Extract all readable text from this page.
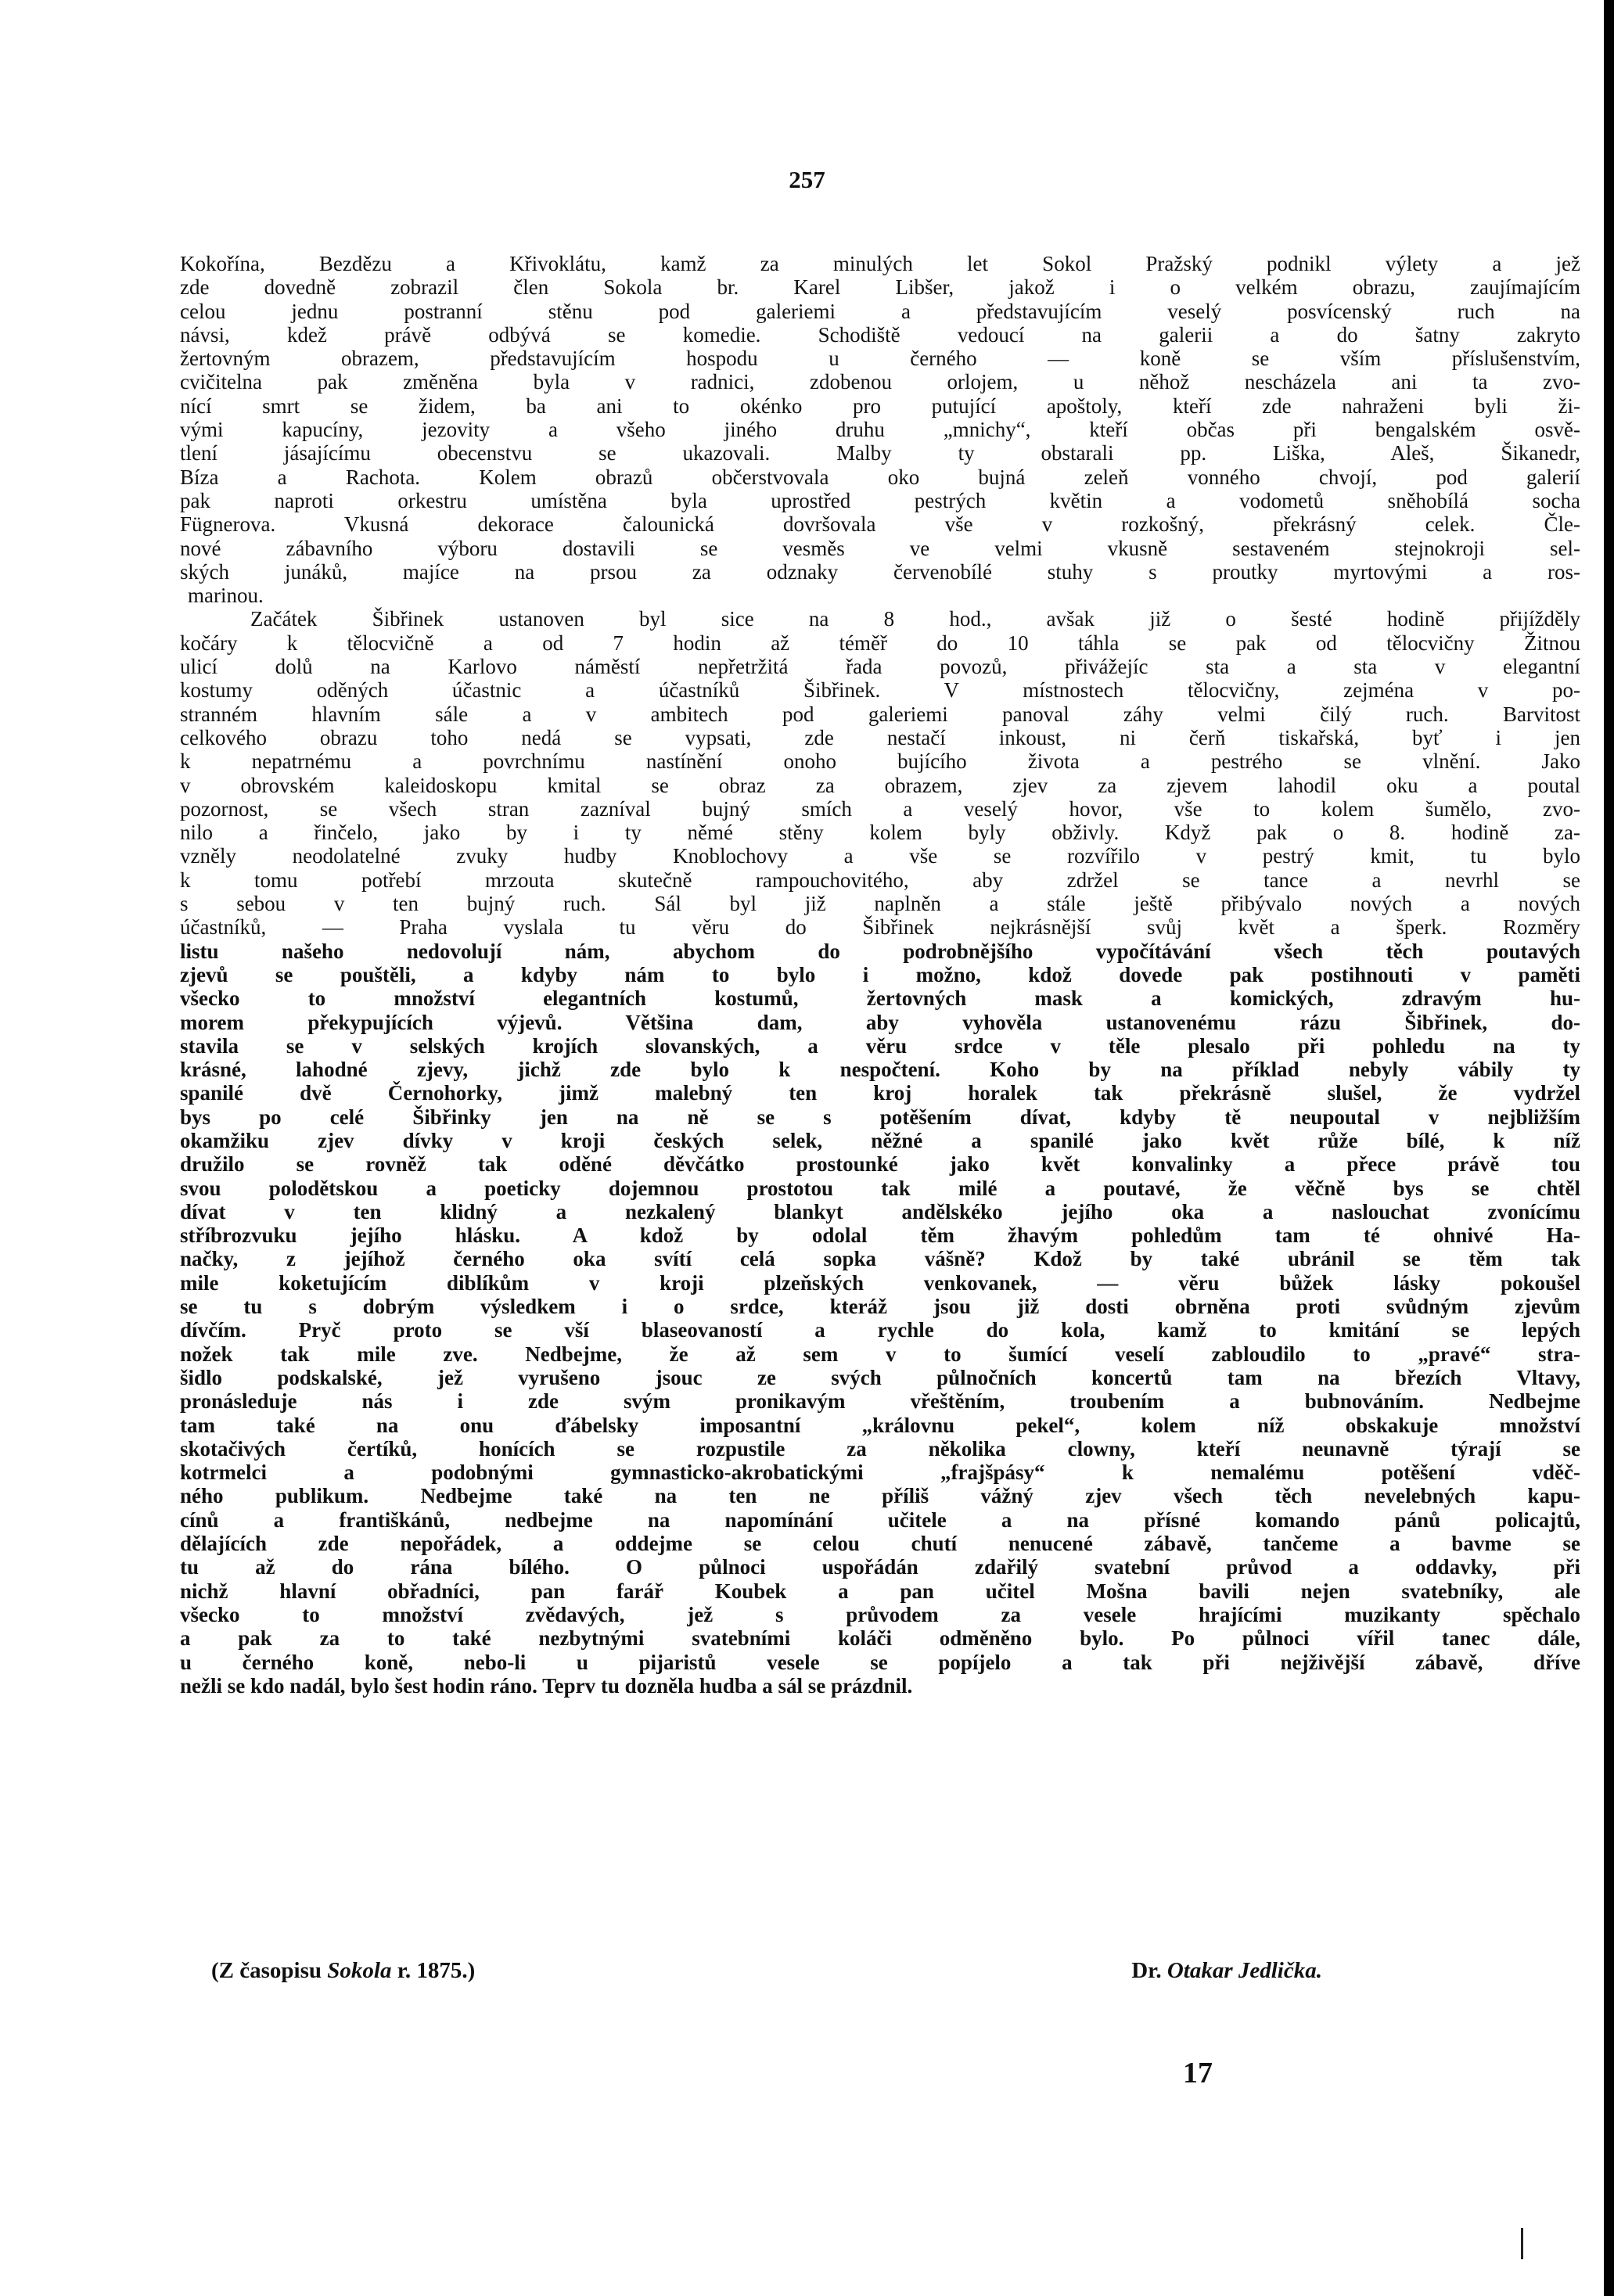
257
Kokořína, Bezdězu a Křivoklátu, kamž za minulých let Sokol Pražský podnikl výlety a jež
zde dovedně zobrazil člen Sokola br. Karel Libšer, jakož i o velkém obrazu, zaujímajícím
celou jednu postranní stěnu pod galeriemi a představujícím veselý posvícenský ruch na
návsi, kdež právě odbývá se komedie. Schodiště vedoucí na galerii a do šatny zakryto
žertovným obrazem, představujícím hospodu u černého — koně se vším příslušenstvím,
cvičitelna pak změněna byla v radnici, zdobenou orlojem, u něhož nescházela ani ta zvo-
nící smrt se židem, ba ani to okénko pro putující apoštoly, kteří zde nahraženi byli ži-
vými kapucíny, jezovity a všeho jiného druhu „mnichy“, kteří občas při bengalském osvě-
tlení jásajícímu obecenstvu se ukazovali. Malby ty obstarali pp. Liška, Aleš, Šikanedr,
Bíza a Rachota. Kolem obrazů občerstvovala oko bujná zeleň vonného chvojí, pod galerií
pak naproti orkestru umístěna byla uprostřed pestrých květin a vodometů sněhobílá socha
Fügnerova. Vkusná dekorace čalounická dovršovala vše v rozkošný, překrásný celek. Čle-
nové zábavního výboru dostavili se vesměs ve velmi vkusně sestaveném stejnokroji sel-
ských junáků, majíce na prsou za odznaky červenobílé stuhy s proutky myrtovými a ros-
marinou.
Začátek Šibřinek ustanoven byl sice na 8 hod., avšak již o šesté hodině přijížděly
kočáry k tělocvičně a od 7 hodin až téměř do 10 táhla se pak od tělocvičny Žitnou
ulicí dolů na Karlovo náměstí nepřetržitá řada povozů, přivážejíc sta a sta v elegantní
kostumy oděných účastnic a účastníků Šibřinek. V místnostech tělocvičny, zejména v po-
stranném hlavním sále a v ambitech pod galeriemi panoval záhy velmi čilý ruch. Barvitost
celkového obrazu toho nedá se vypsati, zde nestačí inkoust, ni čerň tiskařská, byť i jen
k nepatrnému a povrchnímu nastínění onoho bujícího života a pestrého se vlnění. Jako
v obrovském kaleidoskopu kmital se obraz za obrazem, zjev za zjevem lahodil oku a poutal
pozornost, se všech stran zazníval bujný smích a veselý hovor, vše to kolem šumělo, zvo-
nilo a řinčelo, jako by i ty němé stěny kolem byly obživly. Když pak o 8. hodině za-
vzněly neodolatelné zvuky hudby Knoblochovy a vše se rozvířilo v pestrý kmit, tu bylo
k tomu potřebí mrzouta skutečně rampouchovitého, aby zdržel se tance a nevrhl se
s sebou v ten bujný ruch. Sál byl již naplněn a stále ještě přibývalo nových a nových
účastníků, — Praha vyslala tu věru do Šibřinek nejkrásnější svůj květ a šperk. Rozměry
listu našeho nedovolují nám, abychom do podrobnějšího vypočítávání všech těch poutavých
zjevů se pouštěli, a kdyby nám to bylo i možno, kdož dovede pak postihnouti v paměti
všecko to množství elegantních kostumů, žertovných mask a komických, zdravým hu-
morem překypujících výjevů. Většina dam, aby vyhověla ustanovenému rázu Šibřinek, do-
stavila se v selských krojích slovanských, a věru srdce v těle plesalo při pohledu na ty
krásné, lahodné zjevy, jichž zde bylo k nespočtení. Koho by na příklad nebyly vábily ty
spanilé dvě Černohorky, jimž malebný ten kroj horalek tak překrásně slušel, že vydržel
bys po celé Šibřinky jen na ně se s potěšením dívat, kdyby tě neupoutal v nejbližším
okamžiku zjev dívky v kroji českých selek, něžné a spanilé jako květ růže bílé, k níž
družilo se rovněž tak oděné děvčátko prostounké jako květ konvalinky a přece právě tou
svou polodětskou a poeticky dojemnou prostotou tak milé a poutavé, že věčně bys se chtěl
dívat v ten klidný a nezkalený blankyt andělskéko jejího oka a naslouchat zvonícímu
stříbrozvuku jejího hlásku. A kdož by odolal těm žhavým pohledům tam té ohnivé Ha-
načky, z jejíhož černého oka svítí celá sopka vášně? Kdož by také ubránil se těm tak
mile koketujícím diblíkům v kroji plzeňských venkovanek, — věru bůžek lásky pokoušel
se tu s dobrým výsledkem i o srdce, kteráž jsou již dosti obrněna proti svůdným zjevům
dívčím. Pryč proto se vší blaseovaností a rychle do kola, kamž to kmitání se lepých
nožek tak mile zve. Nedbejme, že až sem v to šumící veselí zabloudilo to „pravé“ stra-
šidlo podskalské, jež vyrušeno jsouc ze svých půlnočních koncertů tam na březích Vltavy,
pronásleduje nás i zde svým pronikavým vřeštěním, troubením a bubnováním. Nedbejme
tam také na onu ďábelsky imposantní „královnu pekel“, kolem níž obskakuje množství
skotačivých čertíků, honících se rozpustile za několika clowny, kteří neunavně týrají se
kotrmelci a podobnými gymnasticko-akrobatickými „frajšpásy“ k nemalému potěšení vděč-
ného publikum. Nedbejme také na ten ne příliš vážný zjev všech těch nevelebných kapu-
cínů a františkánů, nedbejme na napomínání učitele a na přísné komando pánů policajtů,
dělajících zde nepořádek, a oddejme se celou chutí nenucené zábavě, tančeme a bavme se
tu až do rána bílého. O půlnoci uspořádán zdařilý svatební průvod a oddavky, při
nichž hlavní obřadníci, pan farář Koubek a pan učitel Mošna bavili nejen svatebníky, ale
všecko to množství zvědavých, jež s průvodem za vesele hrajícími muzikanty spěchalo
a pak za to také nezbytnými svatebními koláči odměněno bylo. Po půlnoci vířil tanec dále,
u černého koně, nebo-li u pijaristů vesele se popíjelo a tak při nejživější zábavě, dříve
nežli se kdo nadál, bylo šest hodin ráno. Teprv tu dozněla hudba a sál se prázdnil.
(Z časopisu Sokola r. 1875.)	Dr. Otakar Jedlička.
17
